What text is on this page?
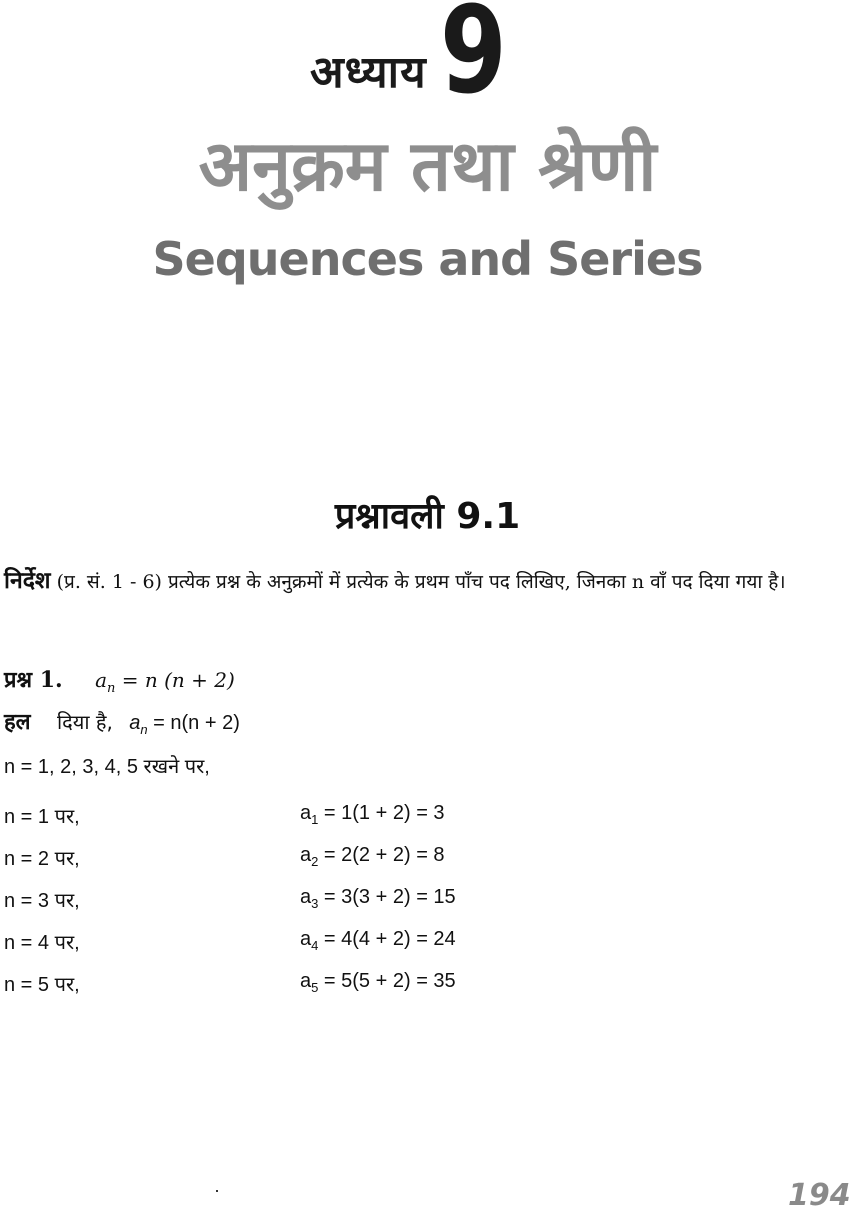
अध्याय 9
अनुक्रम तथा श्रेणी
Sequences and Series
प्रश्नावली 9.1
निर्देश (प्र. सं. 1 - 6) प्रत्येक प्रश्न के अनुक्रमों में प्रत्येक के प्रथम पाँच पद लिखिए, जिनका n वाँ पद दिया गया है।
प्रश्न 1. $a_n = n$ (n + 2)
हल दिया है, $a_n = n(n + 2)$
n = 1, 2, 3, 4, 5 रखने पर,
n = 1 पर,	$a_1 = 1(1 + 2) = 3$
n = 2 पर,	$a_2 = 2(2 + 2) = 8$
n = 3 पर,	$a_3 = 3(3 + 2) = 15$
n = 4 पर,	$a_4 = 4(4 + 2) = 24$
n = 5 पर,	$a_5 = 5(5 + 2) = 35$
194
